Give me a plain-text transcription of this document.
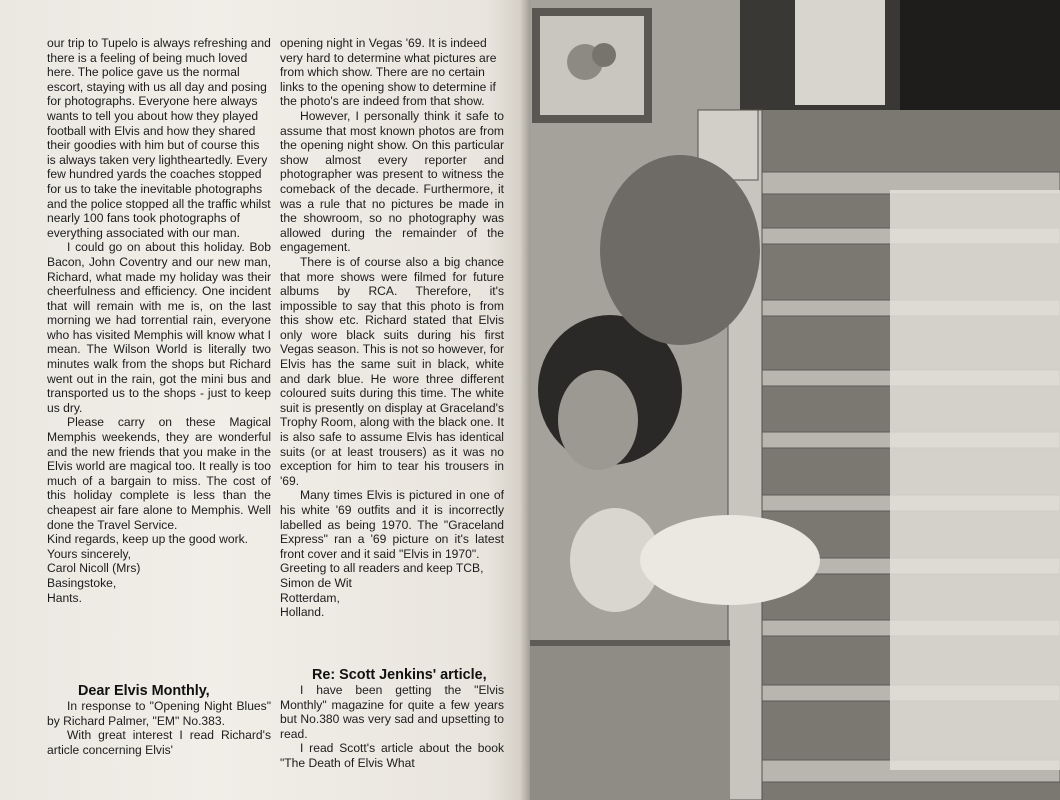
our trip to Tupelo is always refreshing and there is a feeling of being much loved here. The police gave us the normal escort, staying with us all day and posing for photographs. Everyone here always wants to tell you about how they played football with Elvis and how they shared their goodies with him but of course this is always taken very lightheartedly. Every few hundred yards the coaches stopped for us to take the inevitable photographs and the police stopped all the traffic whilst nearly 100 fans took photographs of everything associated with our man.

I could go on about this holiday. Bob Bacon, John Coventry and our new man, Richard, what made my holiday was their cheerfulness and efficiency. One incident that will remain with me is, on the last morning we had torrential rain, everyone who has visited Memphis will know what I mean. The Wilson World is literally two minutes walk from the shops but Richard went out in the rain, got the mini bus and transported us to the shops - just to keep us dry.

Please carry on these Magical Memphis weekends, they are wonderful and the new friends that you make in the Elvis world are magical too. It really is too much of a bargain to miss. The cost of this holiday complete is less than the cheapest air fare alone to Memphis. Well done the Travel Service.

Kind regards, keep up the good work.

Yours sincerely,

Carol Nicoll (Mrs)

Basingstoke,

Hants.

Dear Elvis Monthly,

In response to "Opening Night Blues" by Richard Palmer, "EM" No.383.

With great interest I read Richard's article concerning Elvis'

opening night in Vegas '69. It is indeed very hard to determine what pictures are from which show. There are no certain links to the opening show to determine if the photo's are indeed from that show.

However, I personally think it safe to assume that most known photos are from the opening night show. On this particular show almost every reporter and photographer was present to witness the comeback of the decade. Furthermore, it was a rule that no pictures be made in the showroom, so no photography was allowed during the remainder of the engagement.

There is of course also a big chance that more shows were filmed for future albums by RCA. Therefore, it's impossible to say that this photo is from this show etc. Richard stated that Elvis only wore black suits during his first Vegas season. This is not so however, for Elvis has the same suit in black, white and dark blue. He wore three different coloured suits during this time. The white suit is presently on display at Graceland's Trophy Room, along with the black one. It is also safe to assume Elvis has identical suits (or at least trousers) as it was no exception for him to tear his trousers in '69.

Many times Elvis is pictured in one of his white '69 outfits and it is incorrectly labelled as being 1970. The "Graceland Express" ran a '69 picture on it's latest front cover and it said "Elvis in 1970".

Greeting to all readers and keep TCB,

Simon de Wit

Rotterdam,

Holland.

Re: Scott Jenkins' article,

I have been getting the "Elvis Monthly" magazine for quite a few years but No.380 was very sad and upsetting to read.

I read Scott's article about the book "The Death of Elvis What
